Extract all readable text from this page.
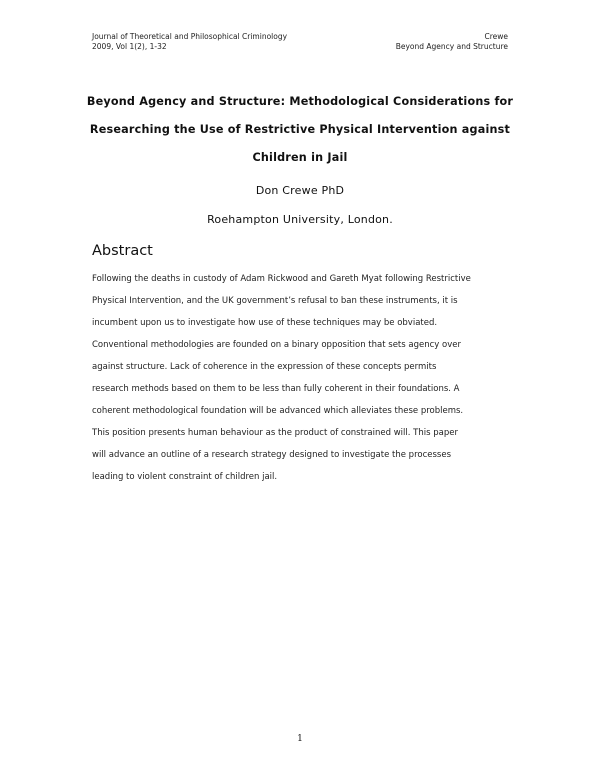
Journal of Theoretical and Philosophical Criminology
2009, Vol 1(2), 1-32
Crewe
Beyond Agency and Structure
Beyond Agency and Structure: Methodological Considerations for
Researching the Use of Restrictive Physical Intervention against
Children in Jail
Don Crewe PhD
Roehampton University, London.
Abstract
Following the deaths in custody of Adam Rickwood and Gareth Myat following Restrictive
Physical Intervention, and the UK government’s refusal to ban these instruments, it is
incumbent upon us to investigate how use of these techniques may be obviated.
Conventional methodologies are founded on a binary opposition that sets agency over
against structure. Lack of coherence in the expression of these concepts permits
research methods based on them to be less than fully coherent in their foundations. A
coherent methodological foundation will be advanced which alleviates these problems.
This position presents human behaviour as the product of constrained will. This paper
will advance an outline of a research strategy designed to investigate the processes
leading to violent constraint of children jail.
1
